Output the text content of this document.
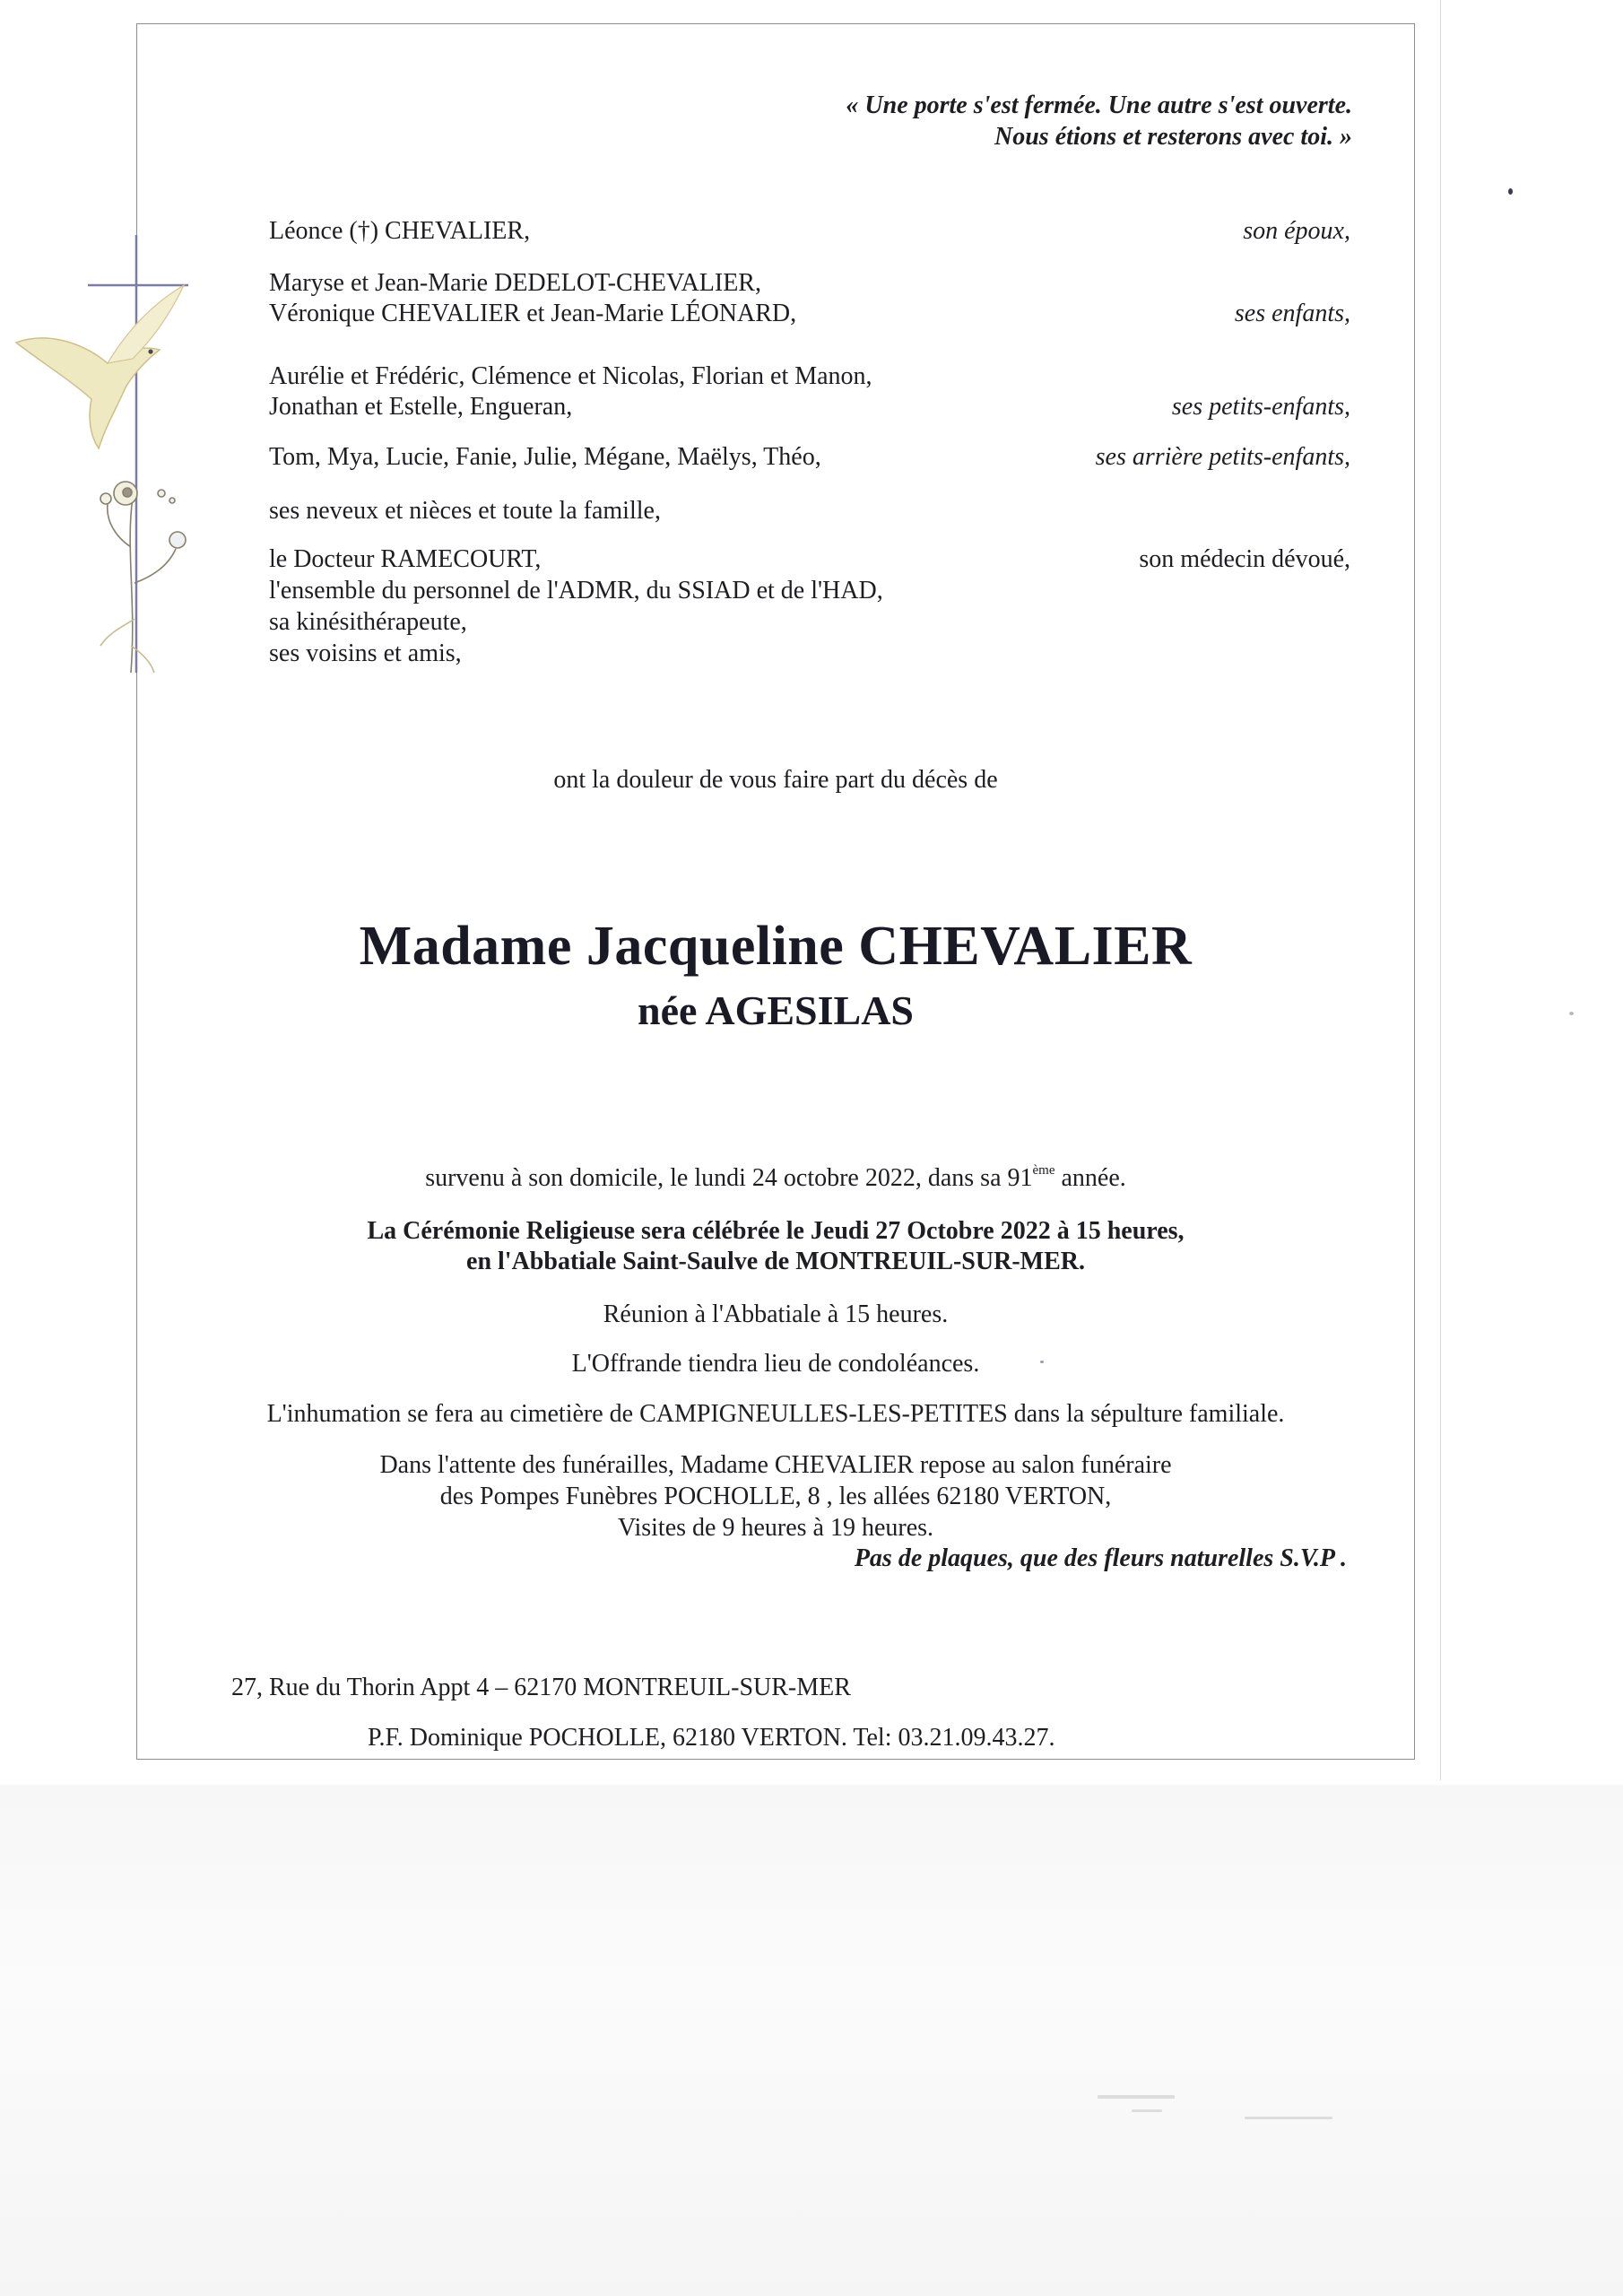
« Une porte s'est fermée. Une autre s'est ouverte.
Nous étions et resterons avec toi. »
Léonce (†) CHEVALIER,	son époux,
Maryse et Jean-Marie DEDELOT-CHEVALIER,
Véronique CHEVALIER et Jean-Marie LÉONARD,	ses enfants,
Aurélie et Frédéric, Clémence et Nicolas, Florian et Manon,
Jonathan et Estelle, Engueran,	ses petits-enfants,
Tom, Mya, Lucie, Fanie, Julie, Mégane, Maëlys, Théo,	ses arrière petits-enfants,
ses neveux et nièces et toute la famille,
le Docteur RAMECOURT,	son médecin dévoué,
l'ensemble du personnel de l'ADMR, du SSIAD et de l'HAD,
sa kinésithérapeute,
ses voisins et amis,
ont la douleur de vous faire part du décès de
Madame Jacqueline CHEVALIER
née AGESILAS
survenu à son domicile, le lundi 24 octobre 2022, dans sa 91ème année.
La Cérémonie Religieuse sera célébrée le Jeudi 27 Octobre 2022 à 15 heures,
en l'Abbatiale Saint-Saulve de MONTREUIL-SUR-MER.
Réunion à l'Abbatiale à 15 heures.
L'Offrande tiendra lieu de condoléances.
L'inhumation se fera au cimetière de CAMPIGNEULLES-LES-PETITES dans la sépulture familiale.
Dans l'attente des funérailles, Madame CHEVALIER repose au salon funéraire
des Pompes Funèbres POCHOLLE, 8 , les allées 62180 VERTON,
Visites de 9 heures à 19 heures.
Pas de plaques, que des fleurs naturelles S.V.P .
27, Rue du Thorin Appt 4 – 62170 MONTREUIL-SUR-MER
P.F. Dominique POCHOLLE, 62180 VERTON. Tel: 03.21.09.43.27.
